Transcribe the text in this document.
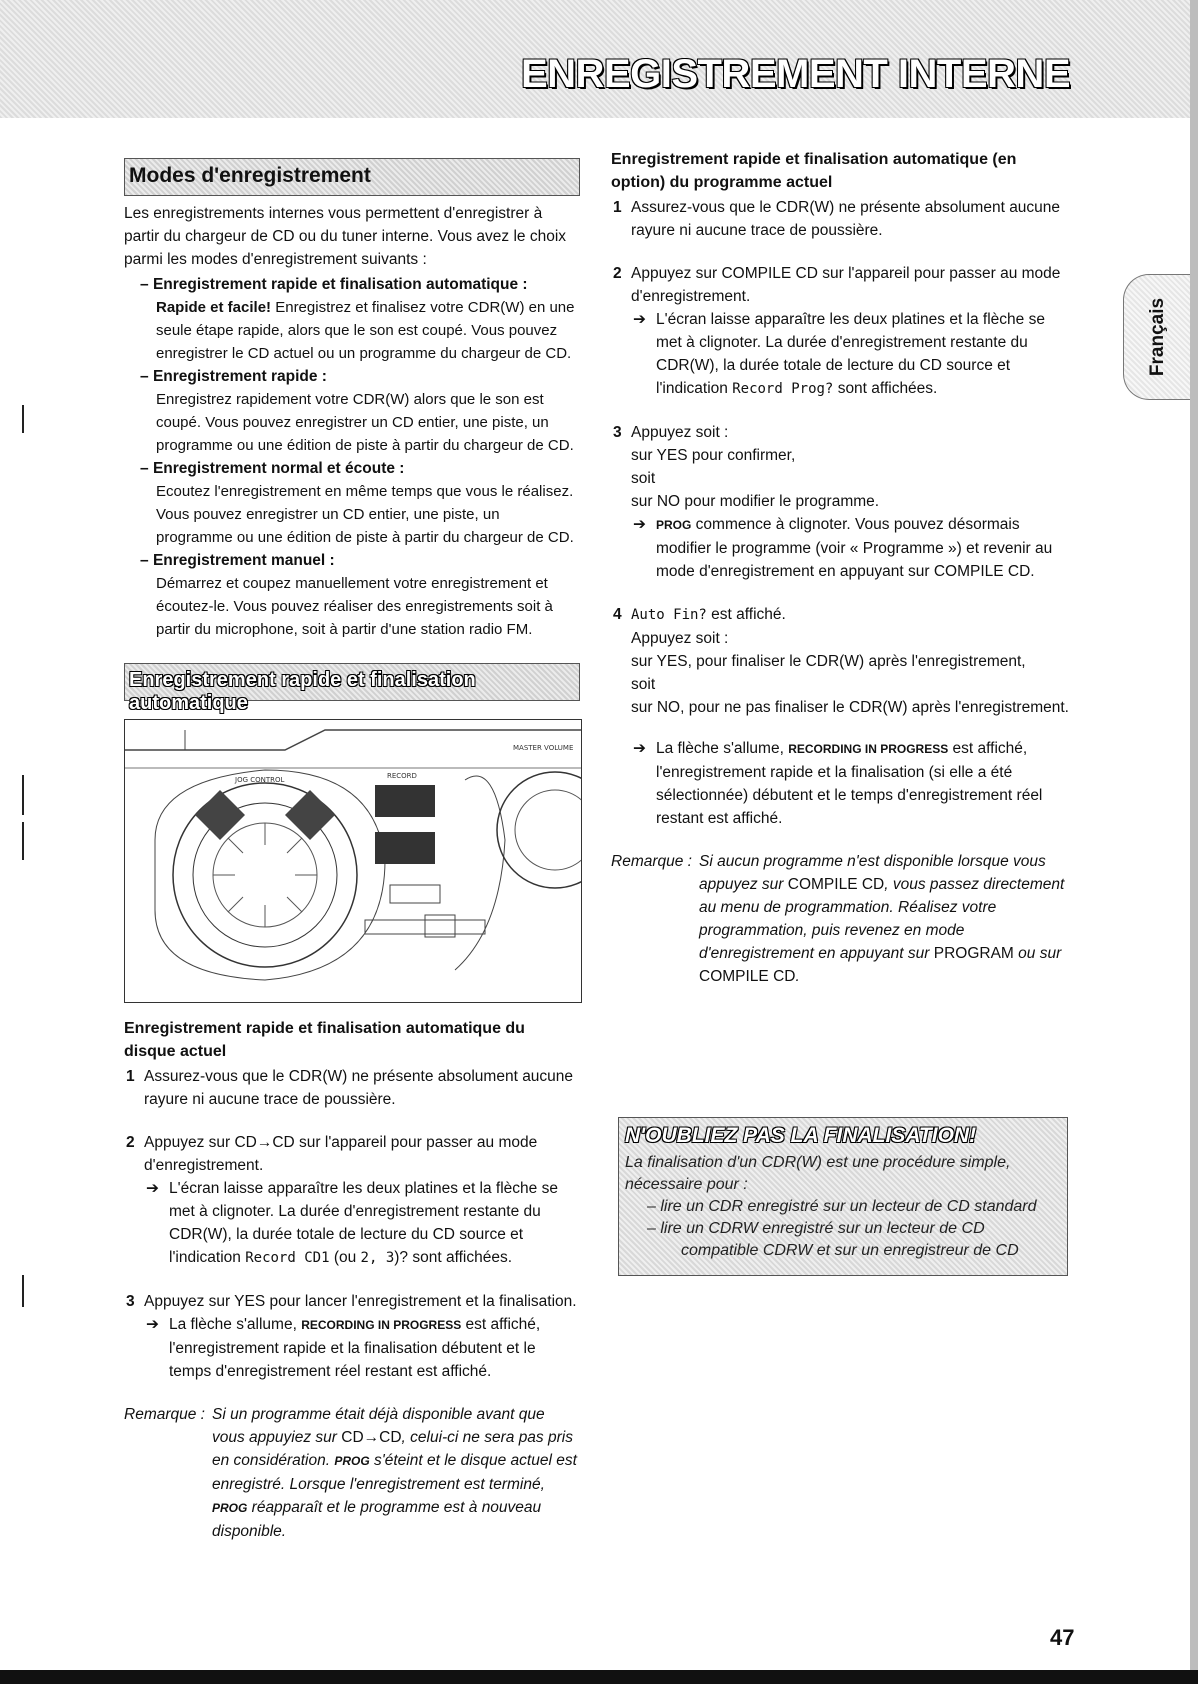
ENREGISTREMENT INTERNE
Français
Modes d'enregistrement

Les enregistrements internes vous permettent d'enregistrer à partir du chargeur de CD ou du tuner interne. Vous avez le choix parmi les modes d'enregistrement suivants :

– Enregistrement rapide et finalisation automatique :

Rapide et facile! Enregistrez et finalisez votre CDR(W) en une seule étape rapide, alors que le son est coupé. Vous pouvez enregistrer le CD actuel ou un programme du chargeur de CD.

– Enregistrement rapide :

Enregistrez rapidement votre CDR(W) alors que le son est coupé. Vous pouvez enregistrer un CD entier, une piste, un programme ou une édition de piste à partir du chargeur de CD.

– Enregistrement normal et écoute :

Ecoutez l'enregistrement en même temps que vous le réalisez. Vous pouvez enregistrer un CD entier, une piste, un programme ou une édition de piste à partir du chargeur de CD.

– Enregistrement manuel :

Démarrez et coupez manuellement votre enregistrement et écoutez-le. Vous pouvez réaliser des enregistrements soit à partir du microphone, soit à partir d'une station radio FM.

Enregistrement rapide et finalisation automatique
JOG CONTROL	RECORD
MASTER VOLUME

Enregistrement rapide et finalisation automatique du disque actuel

1 Assurez-vous que le CDR(W) ne présente absolument aucune rayure ni aucune trace de poussière.

2 Appuyez sur CD→CD sur l'appareil pour passer au mode d'enregistrement.

➔ L'écran laisse apparaître les deux platines et la flèche se met à clignoter. La durée d'enregistrement restante du CDR(W), la durée totale de lecture du CD source et l'indication Record CD1 (ou 2, 3)? sont affichées.

3 Appuyez sur YES pour lancer l'enregistrement et la finalisation.

➔ La flèche s'allume, RECORDING IN PROGRESS est affiché, l'enregistrement rapide et la finalisation débutent et le temps d'enregistrement réel restant est affiché.

Remarque : Si un programme était déjà disponible avant que vous appuyiez sur CD→CD, celui-ci ne sera pas pris en considération. PROG s'éteint et le disque actuel est enregistré. Lorsque l'enregistrement est terminé, PROG réapparaît et le programme est à nouveau disponible.

Enregistrement rapide et finalisation automatique (en option) du programme actuel

1 Assurez-vous que le CDR(W) ne présente absolument aucune rayure ni aucune trace de poussière.

2 Appuyez sur COMPILE CD sur l'appareil pour passer au mode d'enregistrement.

➔ L'écran laisse apparaître les deux platines et la flèche se met à clignoter. La durée d'enregistrement restante du CDR(W), la durée totale de lecture du CD source et l'indication Record Prog? sont affichées.

3 Appuyez soit :

sur YES pour confirmer,

soit

sur NO pour modifier le programme.

➔ PROG commence à clignoter. Vous pouvez désormais modifier le programme (voir « Programme ») et revenir au mode d'enregistrement en appuyant sur COMPILE CD.

4 Auto Fin? est affiché.

Appuyez soit :

sur YES, pour finaliser le CDR(W) après l'enregistrement,

soit

sur NO, pour ne pas finaliser le CDR(W) après l'enregistrement.

➔ La flèche s'allume, RECORDING IN PROGRESS est affiché, l'enregistrement rapide et la finalisation (si elle a été sélectionnée) débutent et le temps d'enregistrement réel restant est affiché.

Remarque : Si aucun programme n'est disponible lorsque vous appuyez sur COMPILE CD, vous passez directement au menu de programmation. Réalisez votre programmation, puis revenez en mode d'enregistrement en appuyant sur PROGRAM ou sur COMPILE CD.

N'OUBLIEZ PAS LA FINALISATION!

La finalisation d'un CDR(W) est une procédure simple, nécessaire pour :

– lire un CDR enregistré sur un lecteur de CD standard

– lire un CDRW enregistré sur un lecteur de CD

compatible CDRW et sur un enregistreur de CD

47
